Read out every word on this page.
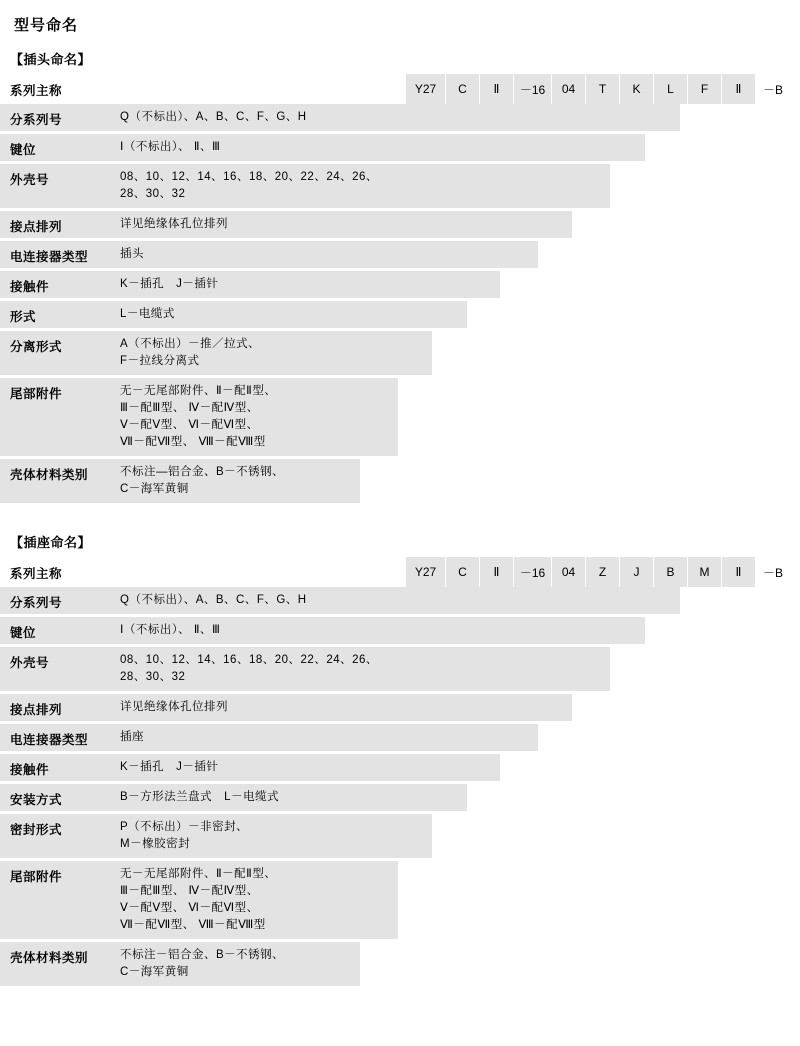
型号命名
【插头命名】
系列主称	Y27	C	Ⅱ	－16	04	T	K	L	F	Ⅱ	－B
分系列号	Q（不标出）、A、B、C、F、G、H
键位	Ⅰ（不标出）、 Ⅱ、Ⅲ
外壳号	08、10、12、14、16、18、20、22、24、26、
28、30、32
接点排列	详见绝缘体孔位排列
电连接器类型	插头
接触件	K－插孔　J－插针
形式	L－电缆式
分离形式	A（不标出）－推／拉式、
F－拉线分离式
尾部附件	无－无尾部附件、Ⅱ－配Ⅱ型、
Ⅲ－配Ⅲ型、 Ⅳ－配Ⅳ型、
Ⅴ－配Ⅴ型、 Ⅵ－配Ⅵ型、
Ⅶ－配Ⅶ型、 Ⅷ－配Ⅷ型
壳体材料类别	不标注—铝合金、B－不锈钢、
C－海军黄铜
【插座命名】
系列主称	Y27	C	Ⅱ	－16	04	Z	J	B	M	Ⅱ	－B
分系列号	Q（不标出）、A、B、C、F、G、H
键位	Ⅰ（不标出）、 Ⅱ、Ⅲ
外壳号	08、10、12、14、16、18、20、22、24、26、
28、30、32
接点排列	详见绝缘体孔位排列
电连接器类型	插座
接触件	K－插孔　J－插针
安装方式	B－方形法兰盘式　L－电缆式
密封形式	P（不标出）－非密封、
M－橡胶密封
尾部附件	无－无尾部附件、Ⅱ－配Ⅱ型、
Ⅲ－配Ⅲ型、 Ⅳ－配Ⅳ型、
Ⅴ－配Ⅴ型、 Ⅵ－配Ⅵ型、
Ⅶ－配Ⅶ型、 Ⅷ－配Ⅷ型
壳体材料类别	不标注－铝合金、B－不锈钢、
C－海军黄铜
